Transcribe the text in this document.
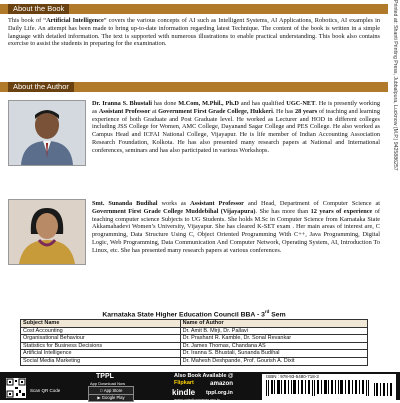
About the Book

This book of “Artificial Intelligence” covers the various concepts of AI such as Intelligent Systems, AI Applications, Robotics, AI examples in Daily Life. An attempt has been made to bring up-to-date information regarding latest Technique. The content of the book is written in a simple language with detailed information. The text is supported with numerous illustrations to enable practical understanding. This book also contains exercise to assist the students in preparing for the examination.

About the Author

Dr. Iranna S. Bhustali has done M.Com, M.Phil., Ph.D and has qualified UGC-NET. He is presently working as Assistant Professor at Government First Grade College, Hukkeri. He has 28 years of teaching and learning experience of both Graduate and Post Graduate level. He worked as Lecturer and HOD in different colleges including JSS College for Women, AMC College, Dayanand Sagar College and PES College. He also worked as Campus Head and ICFAI National College, Vijayapur. He is life member of Indian Accounting Association Research Foundation, Kolkota. He has also presented many research papers at National and International conferences, seminars and has also participated in various Workshops.

Smt. Sunanda Budihal works as Assistant Professor and Head, Department of Computer Science at Government First Grade College Muddebihal (Vijayapura). She has more than 12 years of experience of teaching computer science Subjects to UG Students. She holds M.Sc in Computer Science from Karnataka State Akkamahadevi Women’s University, Vijayapur. She has cleared K-SET exam . Her main areas of interest are, C programming, Data Structure Using C, Object Oriented Programming With C++, Java Programming, Digital Logic, Web Programming, Data Communication And Computer Network, Operating System, AI, Introduction To Linux, etc. She has presented many research papers at various conferences.

Karnataka State Higher Education Council BBA - 3rd Sem
Subject Name	Name of Author
Cost Accounting	Dr. Amit B. Mirji, Dr. Pallavi
Organisational Behaviour	Dr. Prashant R. Kamble, Dr. Sonal Revankar
Statistics for Business Decisions	Dr. James Thomas, Chandana AS
Artificial Intelligence	Dr. Iranna S. Bhustali, Sunanda Budihal
Social Media Marketing	Dr. Mahesh Deshpande, Prof. Gourish A. Dixit
Printed at: Shanti Printing Press, Jubbalpura, Lucknow (M.P.) 9425886257
Scan QR Code
TPPL
App Download Now
App Store
▶ Google Play
Also Book Available @
Flipkart	amazon
kindle tppl.org.in
www.questionpaper.org.in
ISBN : 978-93-5480-718-3
